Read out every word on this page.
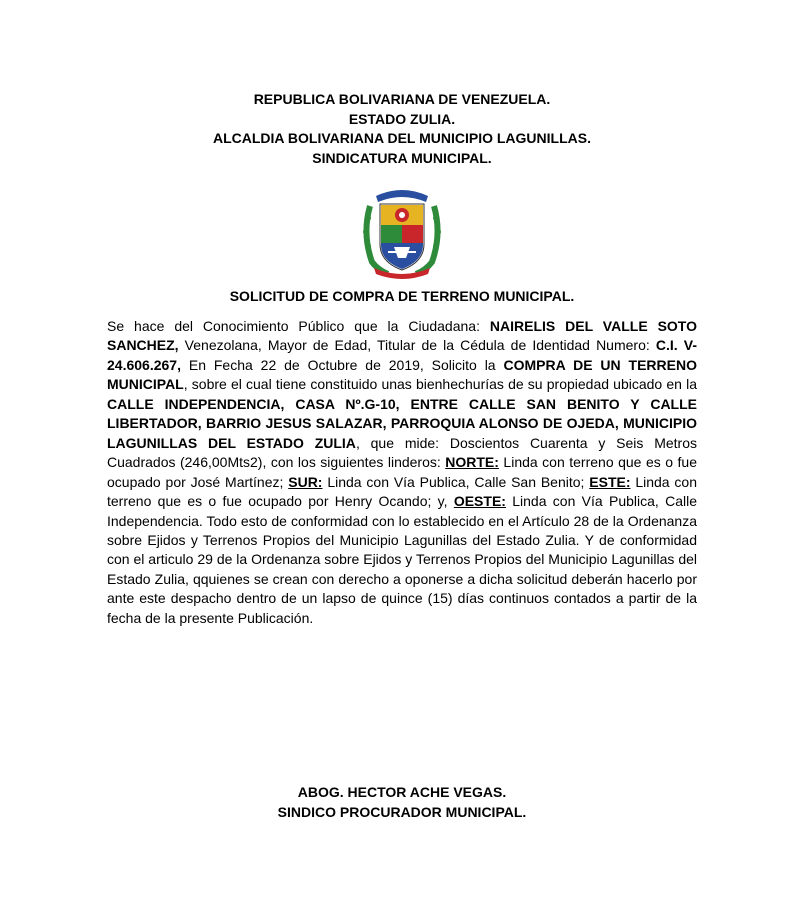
REPUBLICA BOLIVARIANA DE VENEZUELA.
ESTADO ZULIA.
ALCALDIA BOLIVARIANA DEL MUNICIPIO LAGUNILLAS.
SINDICATURA MUNICIPAL.
SOLICITUD DE COMPRA DE TERRENO MUNICIPAL.
Se hace del Conocimiento Público que la Ciudadana: NAIRELIS DEL VALLE SOTO SANCHEZ, Venezolana, Mayor de Edad, Titular de la Cédula de Identidad Numero: C.I. V- 24.606.267, En Fecha 22 de Octubre de 2019, Solicito la COMPRA DE UN TERRENO MUNICIPAL, sobre el cual tiene constituido unas bienhechurías de su propiedad ubicado en la CALLE INDEPENDENCIA, CASA Nº.G-10, ENTRE CALLE SAN BENITO Y CALLE LIBERTADOR, BARRIO JESUS SALAZAR, PARROQUIA ALONSO DE OJEDA, MUNICIPIO LAGUNILLAS DEL ESTADO ZULIA, que mide: Doscientos Cuarenta y Seis Metros Cuadrados (246,00Mts2), con los siguientes linderos: NORTE: Linda con terreno que es o fue ocupado por José Martínez; SUR: Linda con Vía Publica, Calle San Benito; ESTE: Linda con terreno que es o fue ocupado por Henry Ocando; y, OESTE: Linda con Vía Publica, Calle Independencia. Todo esto de conformidad con lo establecido en el Artículo 28 de la Ordenanza sobre Ejidos y Terrenos Propios del Municipio Lagunillas del Estado Zulia. Y de conformidad con el articulo 29 de la Ordenanza sobre Ejidos y Terrenos Propios del Municipio Lagunillas del Estado Zulia, qquienes se crean con derecho a oponerse a dicha solicitud deberán hacerlo por ante este despacho dentro de un lapso de quince (15) días continuos contados a partir de la fecha de la presente Publicación.
ABOG. HECTOR ACHE VEGAS.
SINDICO PROCURADOR MUNICIPAL.
